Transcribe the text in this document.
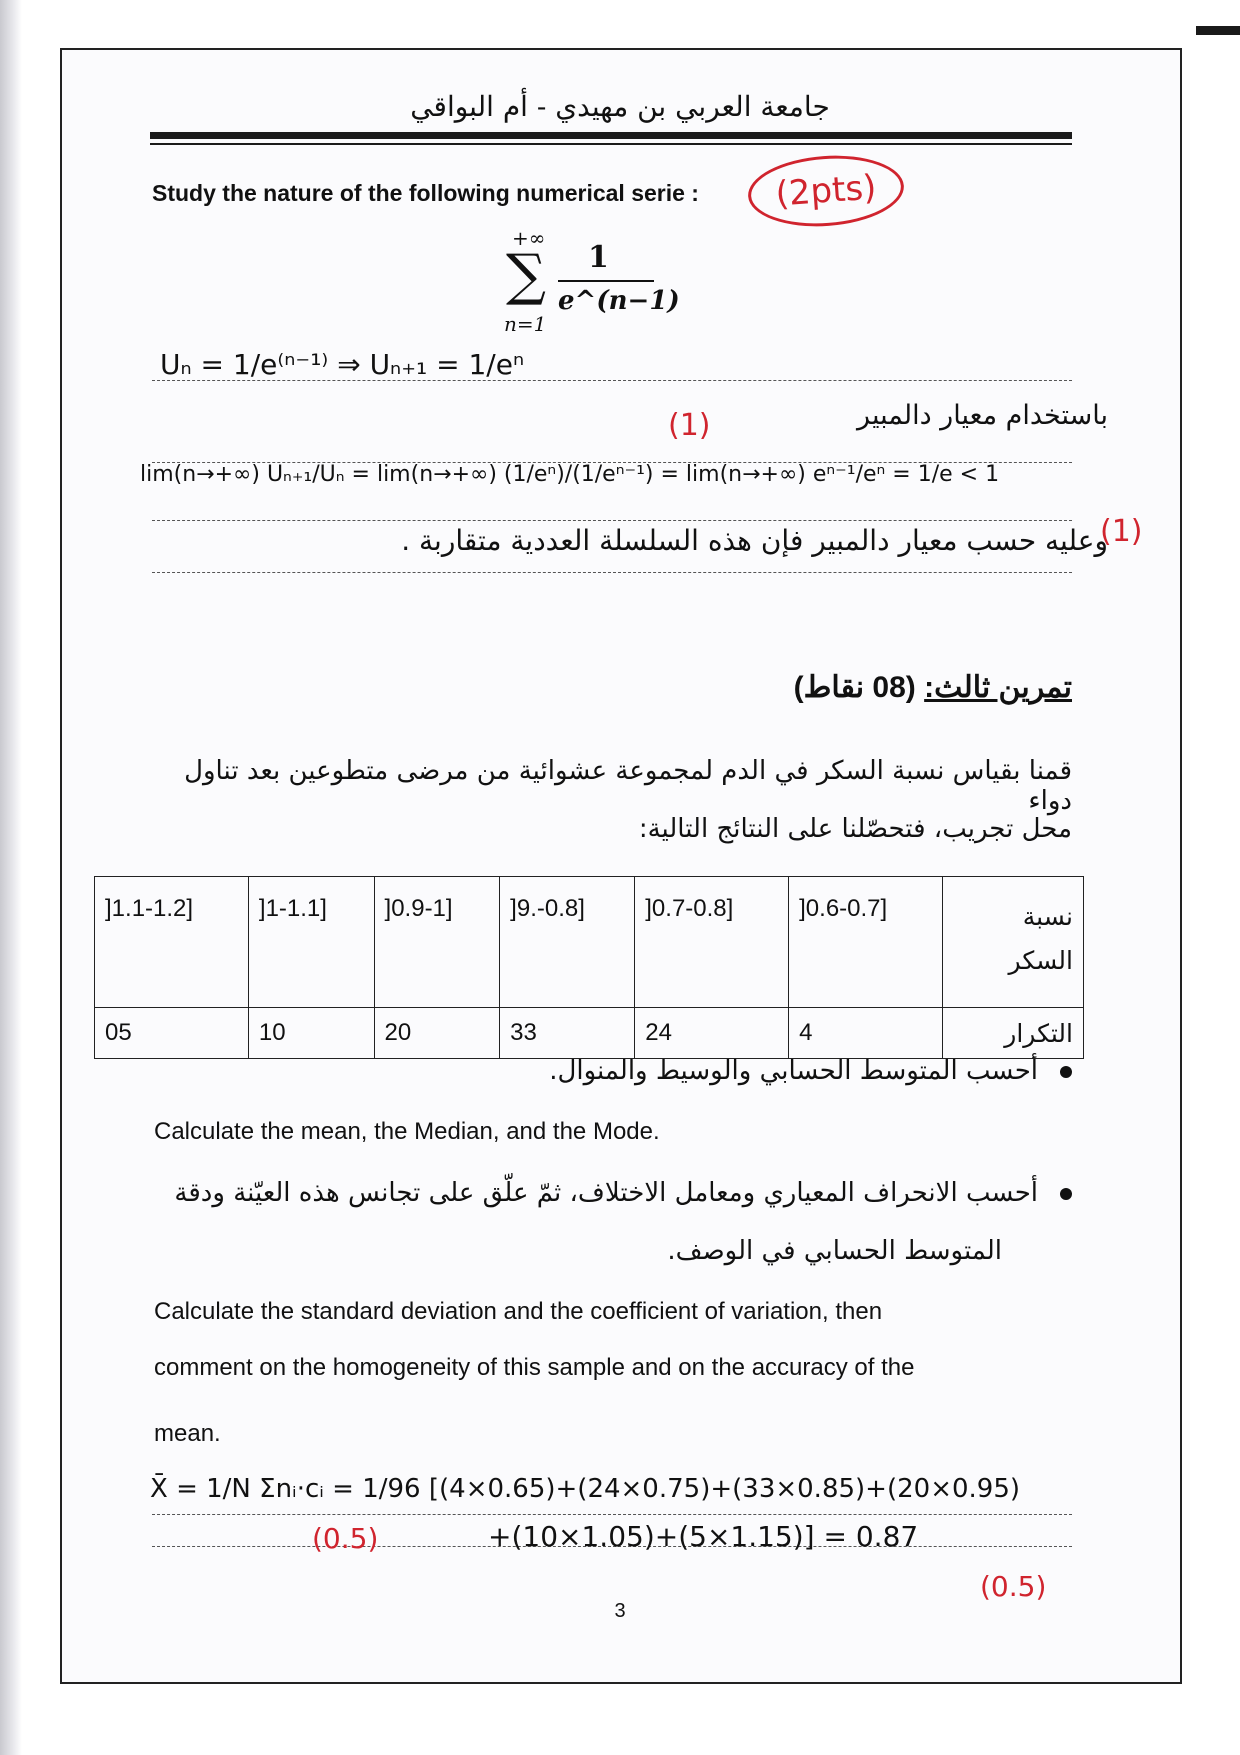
جامعة العربي بن مهيدي - أم البواقي
Study the nature of the following numerical serie :	(2pts)
+∞
∑
n=1
1
e^(n−1)
Uₙ = 1/e⁽ⁿ⁻¹⁾ ⇒ Uₙ₊₁ = 1/eⁿ
(1)	باستخدام معيار دالمبير
lim(n→+∞) Uₙ₊₁/Uₙ = lim(n→+∞) (1/eⁿ)/(1/eⁿ⁻¹) = lim(n→+∞) eⁿ⁻¹/eⁿ = 1/e < 1
وعليه حسب معيار دالمبير فإن هذه السلسلة العددية متقاربة .
(1)
تمرين ثالث: (08 نقاط)
قمنا بقياس نسبة السكر في الدم لمجموعة عشوائية من مرضى متطوعين بعد تناول دواء
محل تجريب، فتحصّلنا على النتائج التالية:
نسبة السكر	[0.6-0.7[	[0.7-0.8[	[0.8-.9[	[0.9-1[	[1-1.1[	[1.1-1.2[
التكرار	4	24	33	20	10	05
أحسب المتوسط الحسابي والوسيط والمنوال.
Calculate the mean, the Median, and the Mode.
أحسب الانحراف المعياري ومعامل الاختلاف، ثمّ علّق على تجانس هذه العيّنة ودقة
المتوسط الحسابي في الوصف.
Calculate the standard deviation and the coefficient of variation, then
comment on the homogeneity of this sample and on the accuracy of the
mean.
X̄ = 1/N Σnᵢ·cᵢ = 1/96 [(4×0.65)+(24×0.75)+(33×0.85)+(20×0.95)
(0.5)	+(10×1.05)+(5×1.15)] = 0.87
(0.5)
3
